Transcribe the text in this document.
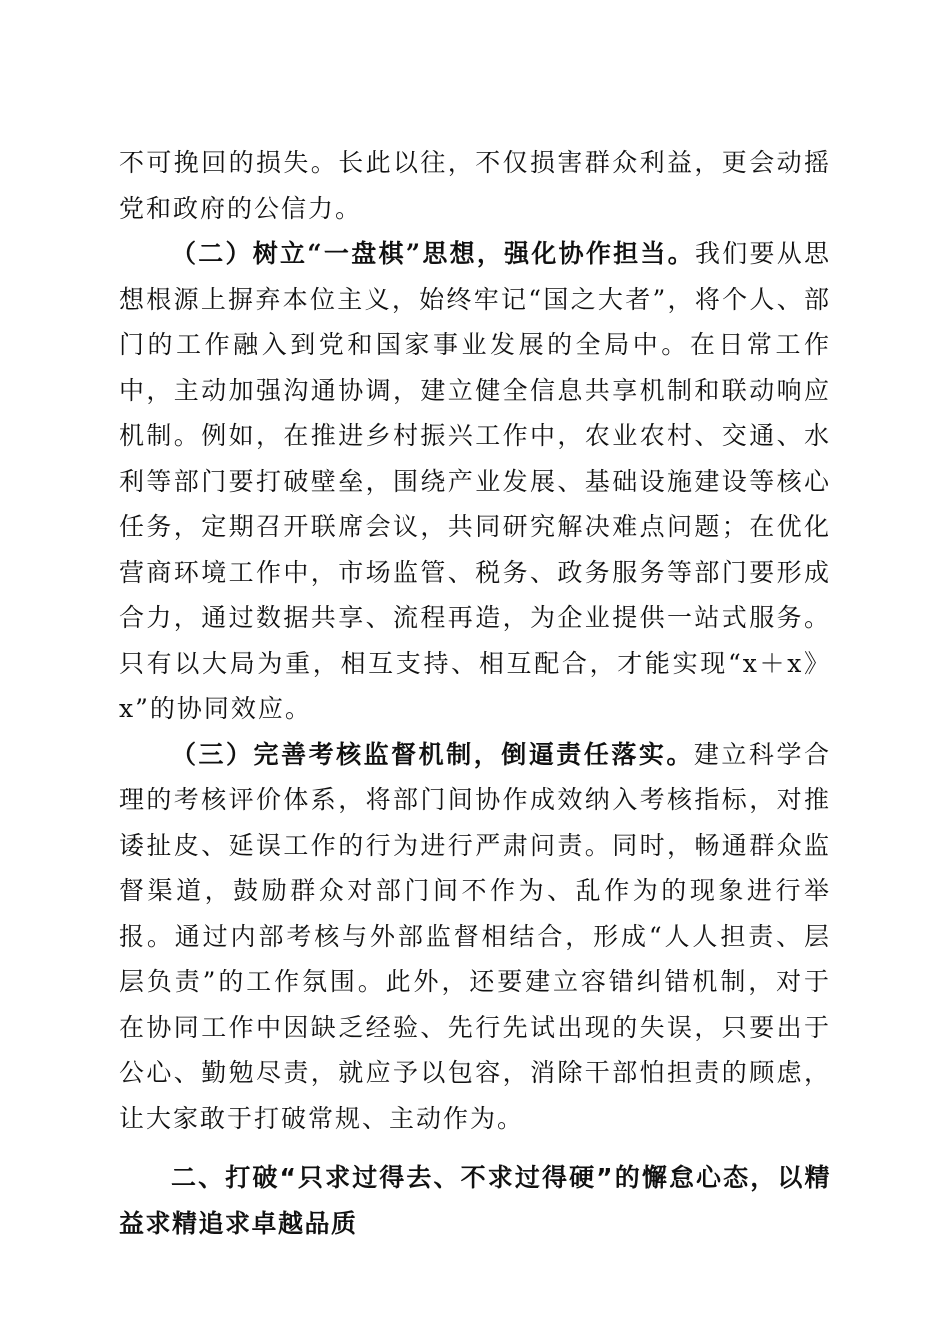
不可挽回的损失。长此以往，不仅损害群众利益，更会动摇党和政府的公信力。

（二）树立“一盘棋”思想，强化协作担当。我们要从思想根源上摒弃本位主义，始终牢记“国之大者”，将个人、部门的工作融入到党和国家事业发展的全局中。在日常工作中，主动加强沟通协调，建立健全信息共享机制和联动响应机制。例如，在推进乡村振兴工作中，农业农村、交通、水利等部门要打破壁垒，围绕产业发展、基础设施建设等核心任务，定期召开联席会议，共同研究解决难点问题；在优化营商环境工作中，市场监管、税务、政务服务等部门要形成合力，通过数据共享、流程再造，为企业提供一站式服务。只有以大局为重，相互支持、相互配合，才能实现“x＋x》x”的协同效应。

（三）完善考核监督机制，倒逼责任落实。建立科学合理的考核评价体系，将部门间协作成效纳入考核指标，对推诿扯皮、延误工作的行为进行严肃问责。同时，畅通群众监督渠道，鼓励群众对部门间不作为、乱作为的现象进行举报。通过内部考核与外部监督相结合，形成“人人担责、层层负责”的工作氛围。此外，还要建立容错纠错机制，对于在协同工作中因缺乏经验、先行先试出现的失误，只要出于公心、勤勉尽责，就应予以包容，消除干部怕担责的顾虑，让大家敢于打破常规、主动作为。

二、打破“只求过得去、不求过得硬”的懈怠心态，以精益求精追求卓越品质
